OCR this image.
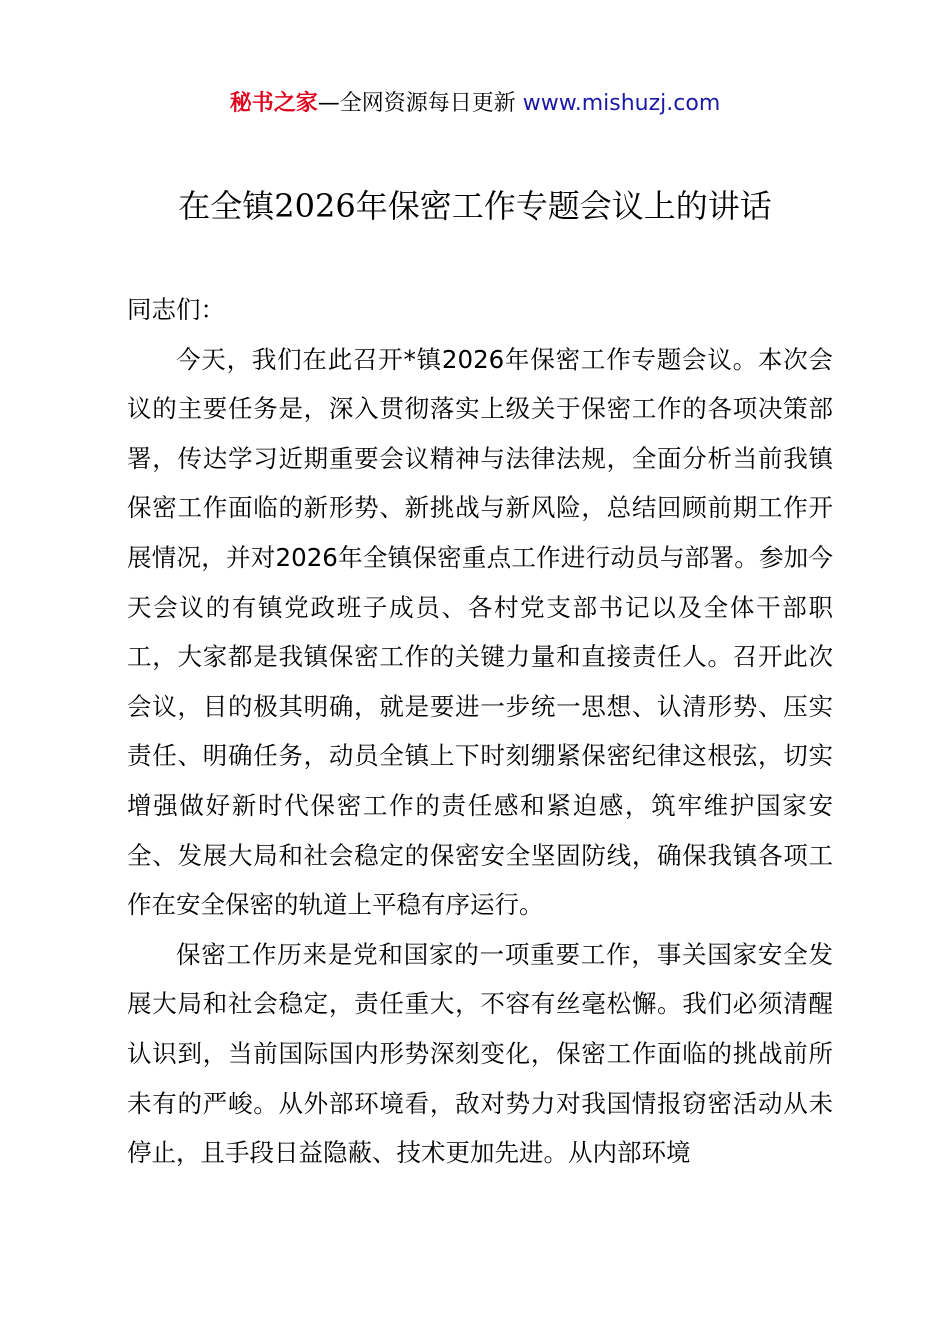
秘书之家—全网资源每日更新 www.mishuzj.com
在全镇2026年保密工作专题会议上的讲话

同志们：

今天，我们在此召开*镇2026年保密工作专题会议。本次会议的主要任务是，深入贯彻落实上级关于保密工作的各项决策部署，传达学习近期重要会议精神与法律法规，全面分析当前我镇保密工作面临的新形势、新挑战与新风险，总结回顾前期工作开展情况，并对2026年全镇保密重点工作进行动员与部署。参加今天会议的有镇党政班子成员、各村党支部书记以及全体干部职工，大家都是我镇保密工作的关键力量和直接责任人。召开此次会议，目的极其明确，就是要进一步统一思想、认清形势、压实责任、明确任务，动员全镇上下时刻绷紧保密纪律这根弦，切实增强做好新时代保密工作的责任感和紧迫感，筑牢维护国家安全、发展大局和社会稳定的保密安全坚固防线，确保我镇各项工作在安全保密的轨道上平稳有序运行。

保密工作历来是党和国家的一项重要工作，事关国家安全发展大局和社会稳定，责任重大，不容有丝毫松懈。我们必须清醒认识到，当前国际国内形势深刻变化，保密工作面临的挑战前所未有的严峻。从外部环境看，敌对势力对我国情报窃密活动从未停止，且手段日益隐蔽、技术更加先进。从内部环境
